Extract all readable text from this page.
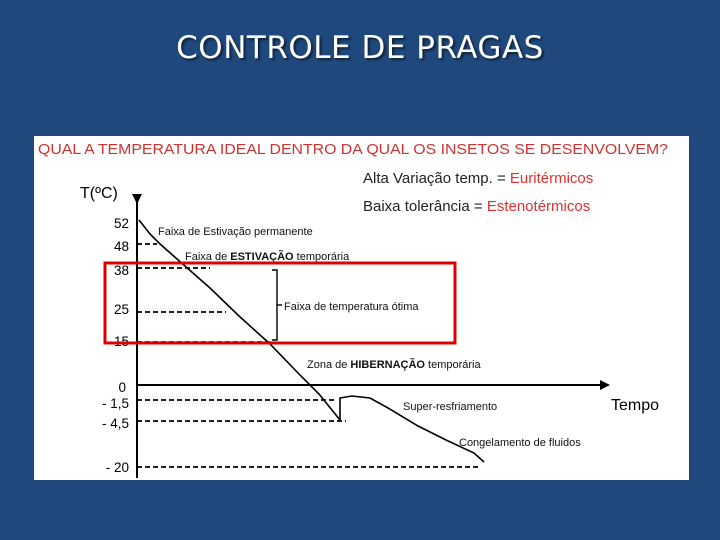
CONTROLE DE PRAGAS
QUAL A TEMPERATURA IDEAL DENTRO DA QUAL OS INSETOS SE DESENVOLVEM?
Alta Variação temp. = Euritérmicos
Baixa tolerância = Estenotérmicos
T(ºC)
Tempo
52
48
38
25
15
0
- 1,5
- 4,5
- 20
Faixa de Estivação permanente
Faixa de ESTIVAÇÃO temporária
Faixa de temperatura ótima
Zona de HIBERNAÇÃO temporária
Super-resfriamento
Congelamento de fluidos
